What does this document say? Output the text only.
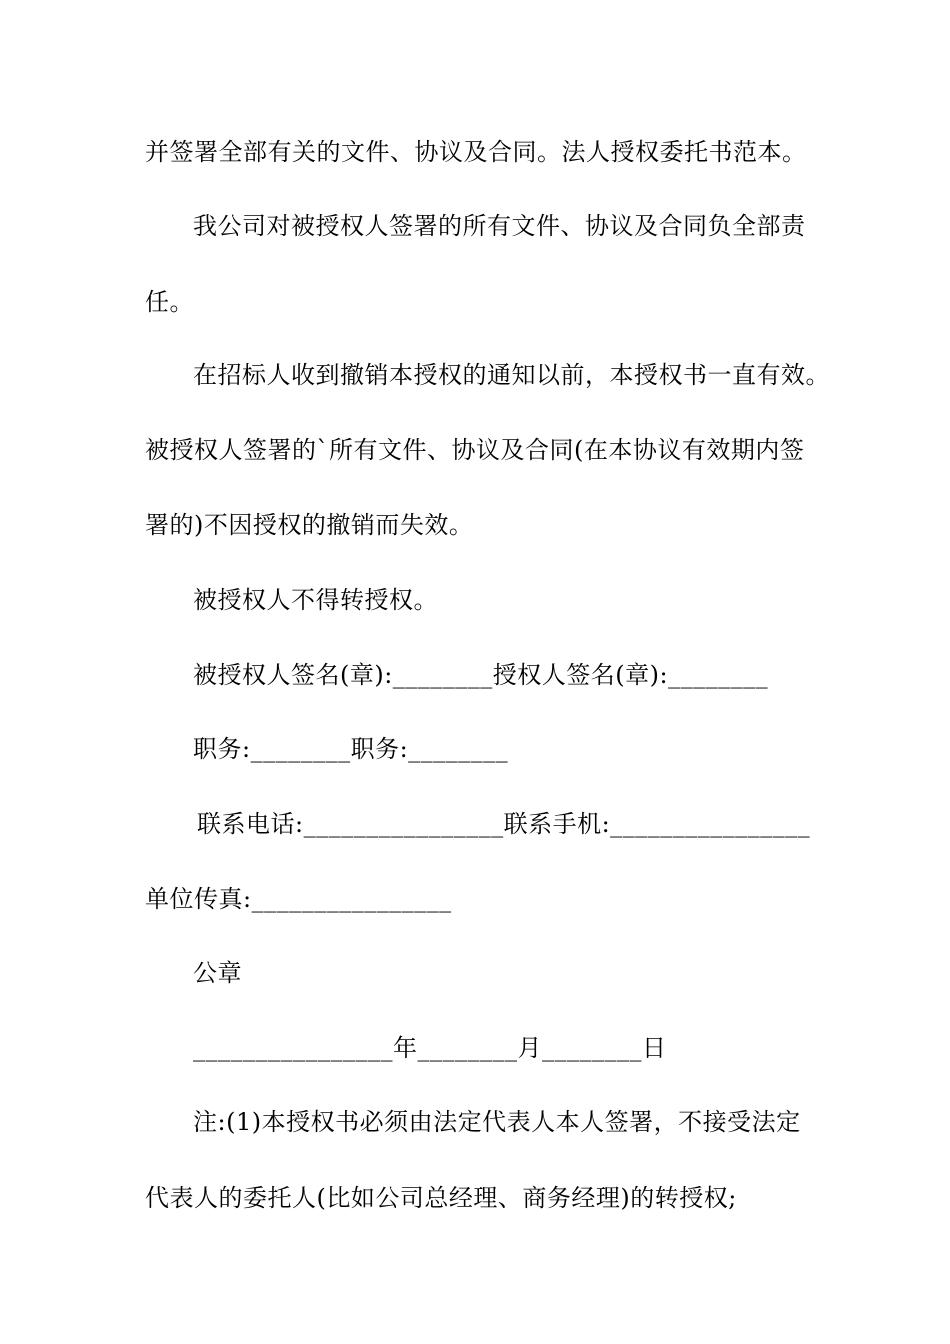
并签署全部有关的文件、协议及合同。法人授权委托书范本。
我公司对被授权人签署的所有文件、协议及合同负全部责
任。
在招标人收到撤销本授权的通知以前，本授权书一直有效。
被授权人签署的`所有文件、协议及合同(在本协议有效期内签
署的)不因授权的撤销而失效。
被授权人不得转授权。
被授权人签名(章):________授权人签名(章):________
职务:________职务:________
联系电话:________________联系手机:________________
单位传真:________________
公章
________________年________月________日
注:(1)本授权书必须由法定代表人本人签署，不接受法定
代表人的委托人(比如公司总经理、商务经理)的转授权;
